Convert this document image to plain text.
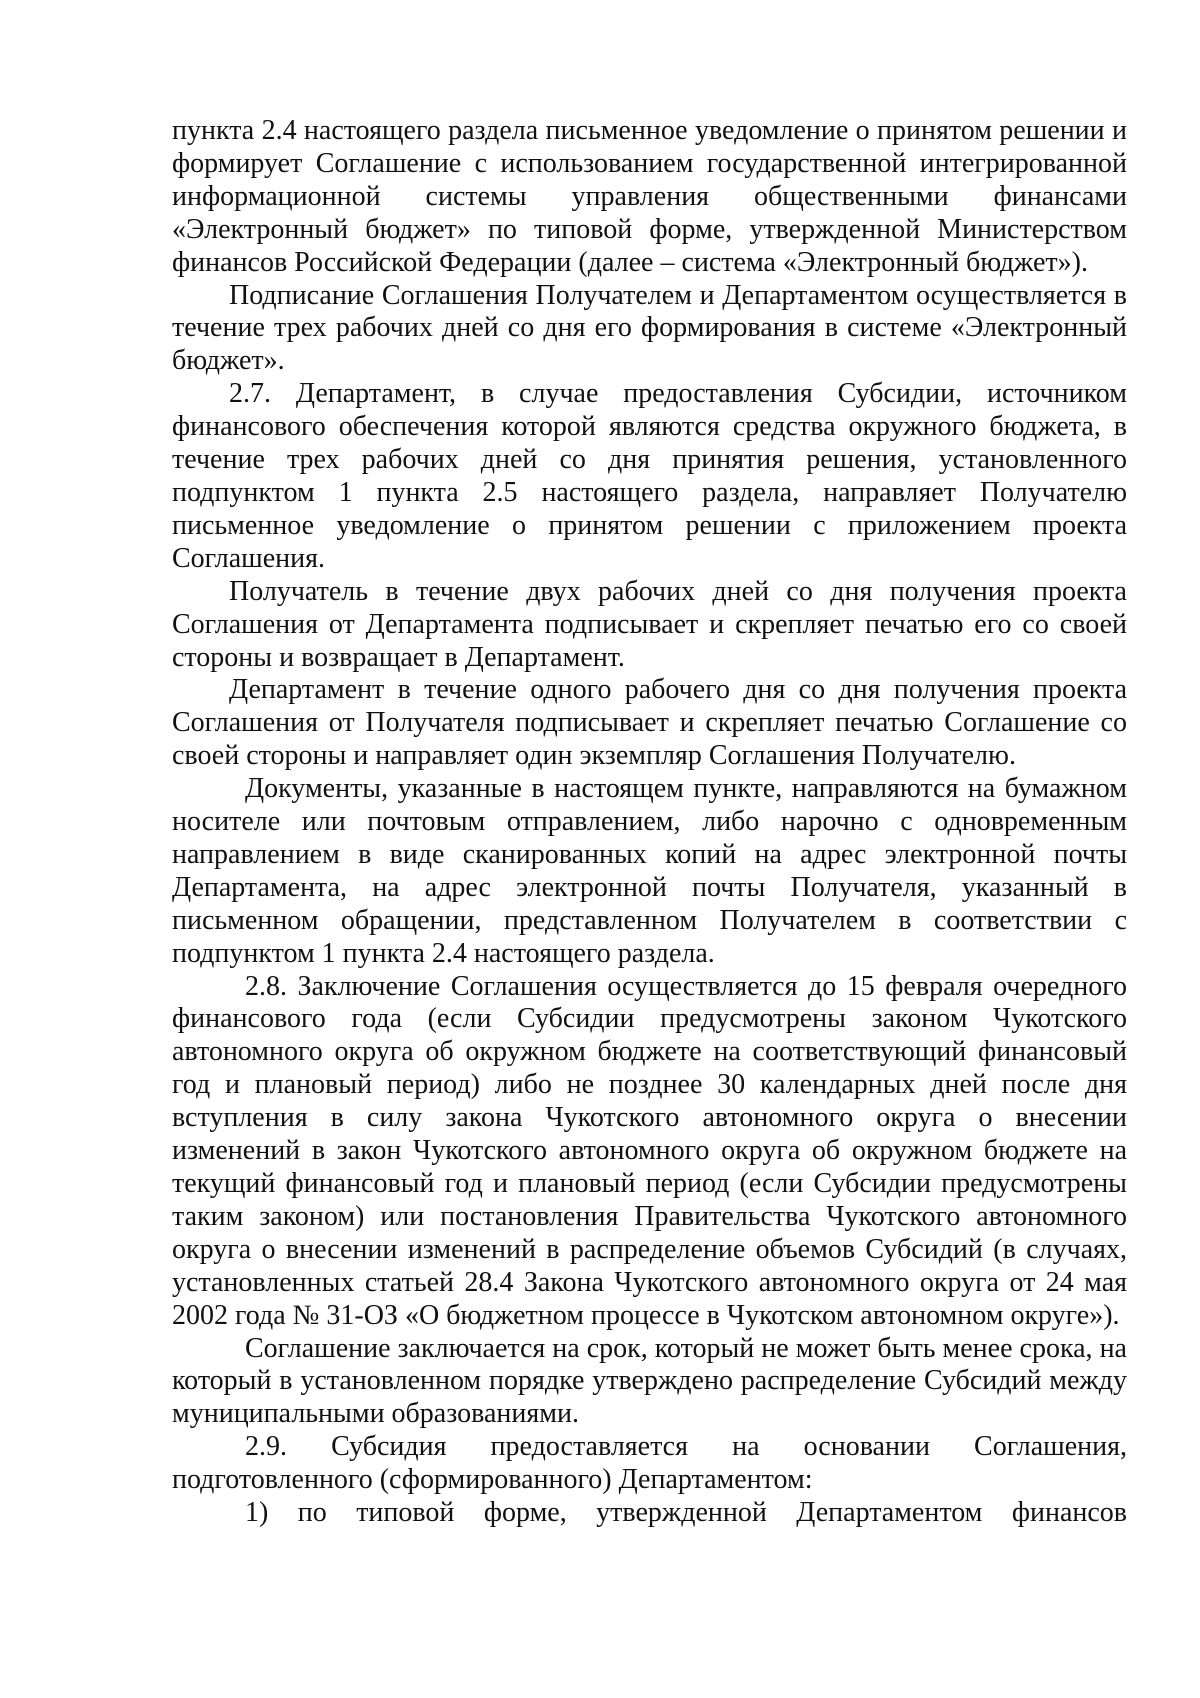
пункта 2.4 настоящего раздела письменное уведомление о принятом решении и формирует Соглашение с использованием государственной интегрированной информационной системы управления общественными финансами «Электронный бюджет» по типовой форме, утвержденной Министерством финансов Российской Федерации (далее – система «Электронный бюджет»).

Подписание Соглашения Получателем и Департаментом осуществляется в течение трех рабочих дней со дня его формирования в системе «Электронный бюджет».

2.7. Департамент, в случае предоставления Субсидии, источником финансового обеспечения которой являются средства окружного бюджета, в течение трех рабочих дней со дня принятия решения, установленного подпунктом 1 пункта 2.5 настоящего раздела, направляет Получателю письменное уведомление о принятом решении с приложением проекта Соглашения.

Получатель в течение двух рабочих дней со дня получения проекта Соглашения от Департамента подписывает и скрепляет печатью его со своей стороны и возвращает в Департамент.

Департамент в течение одного рабочего дня со дня получения проекта Соглашения от Получателя подписывает и скрепляет печатью Соглашение со своей стороны и направляет один экземпляр Соглашения Получателю.

Документы, указанные в настоящем пункте, направляются на бумажном носителе или почтовым отправлением, либо нарочно с одновременным направлением в виде сканированных копий на адрес электронной почты Департамента, на адрес электронной почты Получателя, указанный в письменном обращении, представленном Получателем в соответствии с подпунктом 1 пункта 2.4 настоящего раздела.

2.8. Заключение Соглашения осуществляется до 15 февраля очередного финансового года (если Субсидии предусмотрены законом Чукотского автономного округа об окружном бюджете на соответствующий финансовый год и плановый период) либо не позднее 30 календарных дней после дня вступления в силу закона Чукотского автономного округа о внесении изменений в закон Чукотского автономного округа об окружном бюджете на текущий финансовый год и плановый период (если Субсидии предусмотрены таким законом) или постановления Правительства Чукотского автономного округа о внесении изменений в распределение объемов Субсидий (в случаях, установленных статьей 28.4 Закона Чукотского автономного округа от 24 мая 2002 года № 31-ОЗ «О бюджетном процессе в Чукотском автономном округе»).

Соглашение заключается на срок, который не может быть менее срока, на который в установленном порядке утверждено распределение Субсидий между муниципальными образованиями.

2.9. Субсидия предоставляется на основании Соглашения, подготовленного (сформированного) Департаментом:

1) по типовой форме, утвержденной Департаментом финансов
